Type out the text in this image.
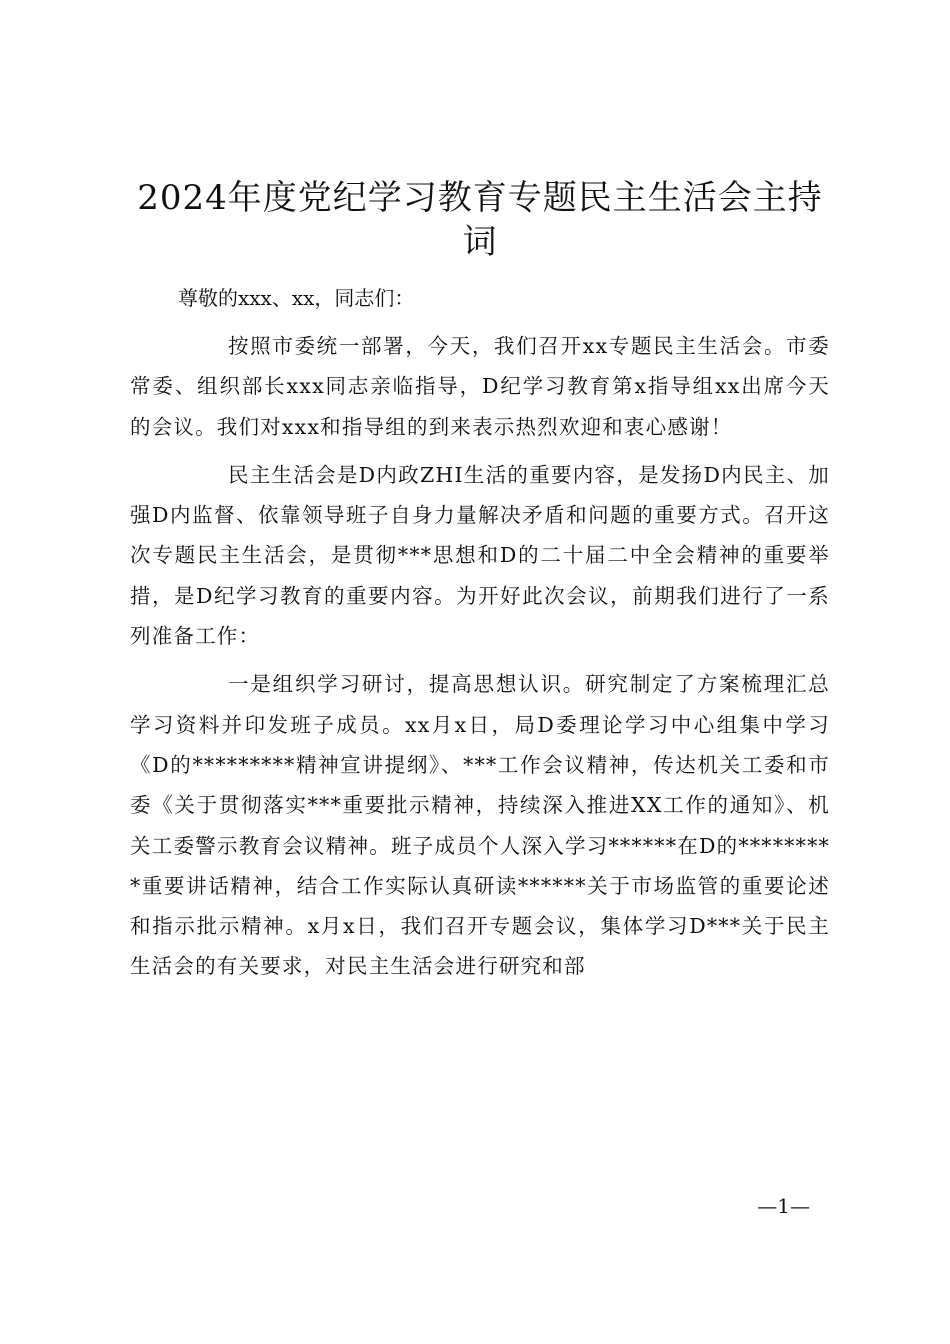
2024年度党纪学习教育专题民主生活会主持词

尊敬的xxx、xx，同志们：

按照市委统一部署，今天，我们召开xx专题民主生活会。市委常委、组织部长xxx同志亲临指导，D纪学习教育第x指导组xx出席今天的会议。我们对xxx和指导组的到来表示热烈欢迎和衷心感谢！

民主生活会是D内政ZHI生活的重要内容，是发扬D内民主、加强D内监督、依靠领导班子自身力量解决矛盾和问题的重要方式。召开这次专题民主生活会，是贯彻***思想和D的二十届二中全会精神的重要举措，是D纪学习教育的重要内容。为开好此次会议，前期我们进行了一系列准备工作：

一是组织学习研讨，提高思想认识。研究制定了方案梳理汇总学习资料并印发班子成员。xx月x日，局D委理论学习中心组集中学习《D的*********精神宣讲提纲》、***工作会议精神，传达机关工委和市委《关于贯彻落实***重要批示精神，持续深入推进XX工作的通知》、机关工委警示教育会议精神。班子成员个人深入学习******在D的*********重要讲话精神，结合工作实际认真研读******关于市场监管的重要论述和指示批示精神。x月x日，我们召开专题会议，集体学习D***关于民主生活会的有关要求，对民主生活会进行研究和部

—1—
